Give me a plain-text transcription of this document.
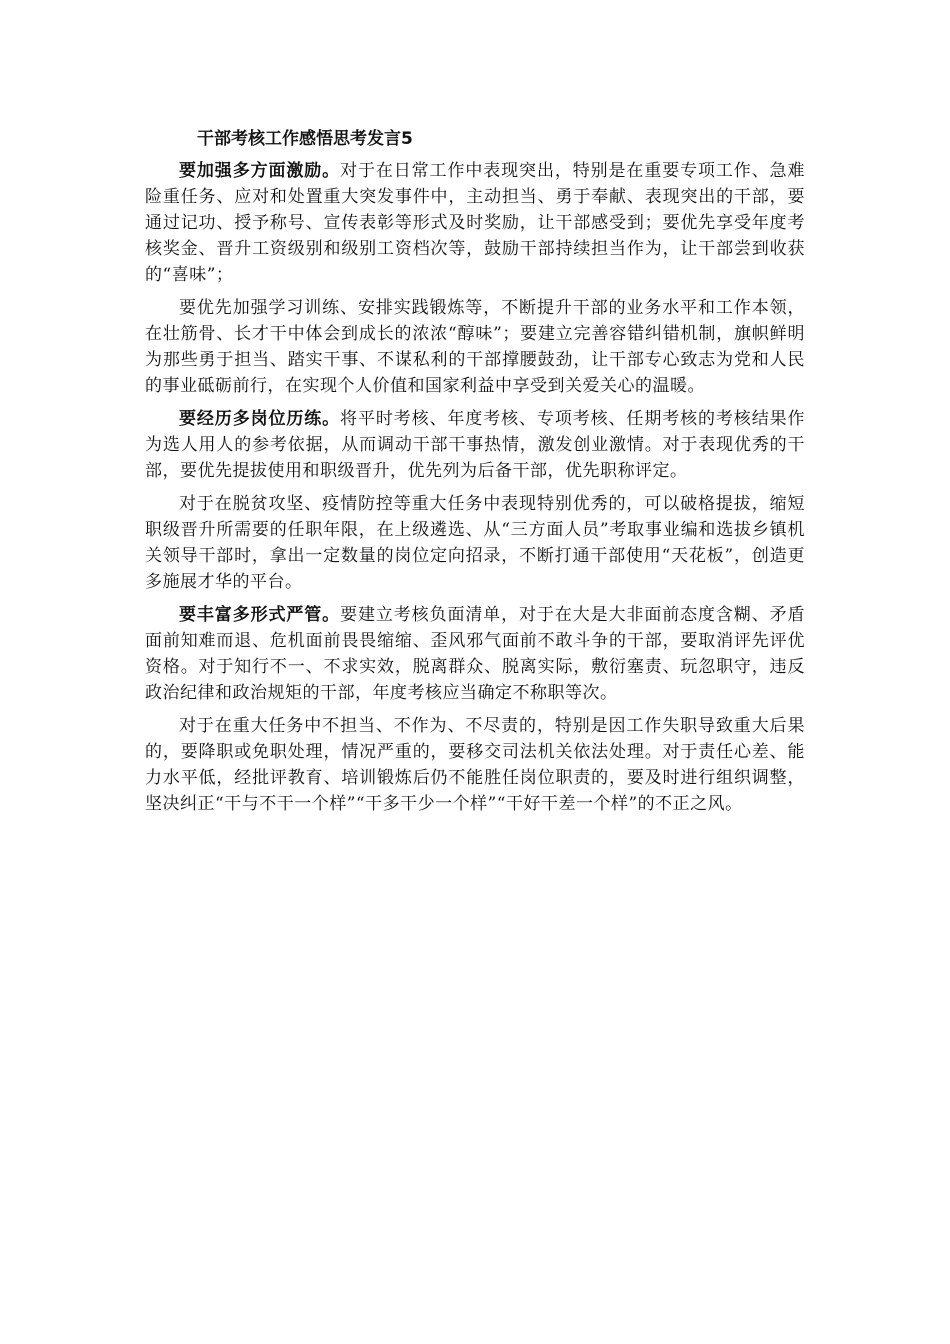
干部考核工作感悟思考发言5

要加强多方面激励。对于在日常工作中表现突出，特别是在重要专项工作、急难险重任务、应对和处置重大突发事件中，主动担当、勇于奉献、表现突出的干部，要通过记功、授予称号、宣传表彰等形式及时奖励，让干部感受到；要优先享受年度考核奖金、晋升工资级别和级别工资档次等，鼓励干部持续担当作为，让干部尝到收获的“喜味”；

要优先加强学习训练、安排实践锻炼等，不断提升干部的业务水平和工作本领，在壮筋骨、长才干中体会到成长的浓浓“醇味”；要建立完善容错纠错机制，旗帜鲜明为那些勇于担当、踏实干事、不谋私利的干部撑腰鼓劲，让干部专心致志为党和人民的事业砥砺前行，在实现个人价值和国家利益中享受到关爱关心的温暖。

要经历多岗位历练。将平时考核、年度考核、专项考核、任期考核的考核结果作为选人用人的参考依据，从而调动干部干事热情，激发创业激情。对于表现优秀的干部，要优先提拔使用和职级晋升，优先列为后备干部，优先职称评定。

对于在脱贫攻坚、疫情防控等重大任务中表现特别优秀的，可以破格提拔，缩短职级晋升所需要的任职年限，在上级遴选、从“三方面人员”考取事业编和选拔乡镇机关领导干部时，拿出一定数量的岗位定向招录，不断打通干部使用“天花板”，创造更多施展才华的平台。

要丰富多形式严管。要建立考核负面清单，对于在大是大非面前态度含糊、矛盾面前知难而退、危机面前畏畏缩缩、歪风邪气面前不敢斗争的干部，要取消评先评优资格。对于知行不一、不求实效，脱离群众、脱离实际，敷衍塞责、玩忽职守，违反政治纪律和政治规矩的干部，年度考核应当确定不称职等次。

对于在重大任务中不担当、不作为、不尽责的，特别是因工作失职导致重大后果的，要降职或免职处理，情况严重的，要移交司法机关依法处理。对于责任心差、能力水平低，经批评教育、培训锻炼后仍不能胜任岗位职责的，要及时进行组织调整，坚决纠正“干与不干一个样”“干多干少一个样”“干好干差一个样”的不正之风。
